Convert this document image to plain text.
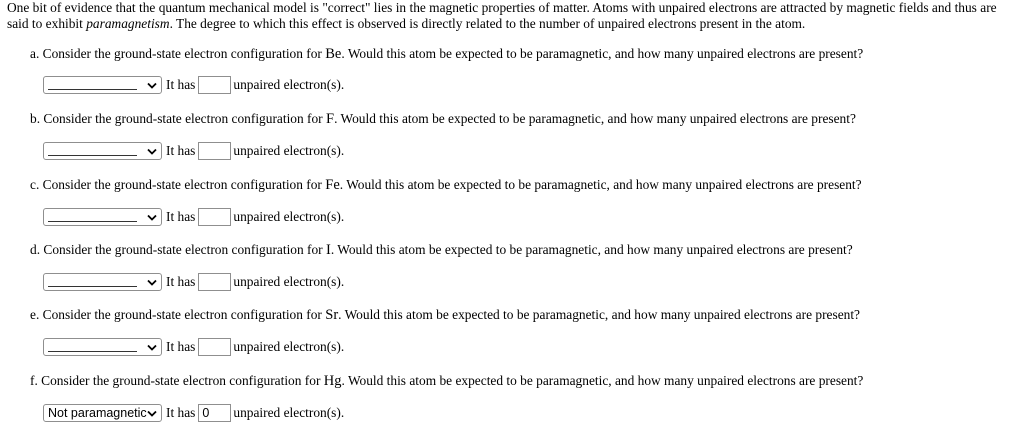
One bit of evidence that the quantum mechanical model is "correct" lies in the magnetic properties of matter. Atoms with unpaired electrons are attracted by magnetic fields and thus are said to exhibit paramagnetism. The degree to which this effect is observed is directly related to the number of unpaired electrons present in the atom.
a. Consider the ground-state electron configuration for Be. Would this atom be expected to be paramagnetic, and how many unpaired electrons are present?
It has	unpaired electron(s).
b. Consider the ground-state electron configuration for F. Would this atom be expected to be paramagnetic, and how many unpaired electrons are present?
It has	unpaired electron(s).
c. Consider the ground-state electron configuration for Fe. Would this atom be expected to be paramagnetic, and how many unpaired electrons are present?
It has	unpaired electron(s).
d. Consider the ground-state electron configuration for I. Would this atom be expected to be paramagnetic, and how many unpaired electrons are present?
It has	unpaired electron(s).
e. Consider the ground-state electron configuration for Sr. Would this atom be expected to be paramagnetic, and how many unpaired electrons are present?
It has	unpaired electron(s).
f. Consider the ground-state electron configuration for Hg. Would this atom be expected to be paramagnetic, and how many unpaired electrons are present?
Not paramagnetic It has 0	unpaired electron(s).
